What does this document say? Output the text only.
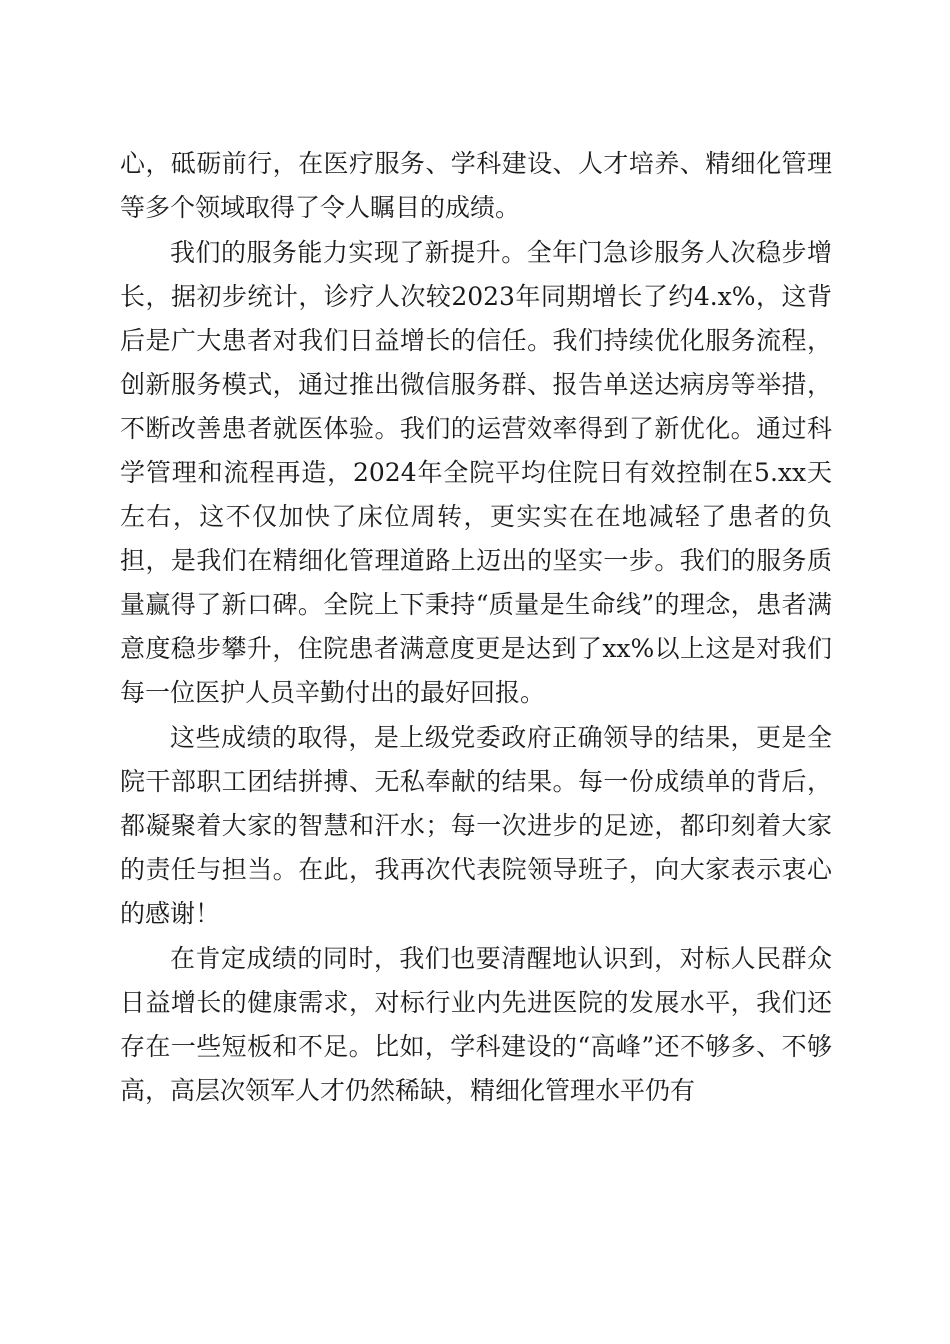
心，砥砺前行，在医疗服务、学科建设、人才培养、精细化管理等多个领域取得了令人瞩目的成绩。

我们的服务能力实现了新提升。全年门急诊服务人次稳步增长，据初步统计，诊疗人次较2023年同期增长了约4.x%，这背后是广大患者对我们日益增长的信任。我们持续优化服务流程，创新服务模式，通过推出微信服务群、报告单送达病房等举措，不断改善患者就医体验。我们的运营效率得到了新优化。通过科学管理和流程再造，2024年全院平均住院日有效控制在5.xx天左右，这不仅加快了床位周转，更实实在在地减轻了患者的负担，是我们在精细化管理道路上迈出的坚实一步。我们的服务质量赢得了新口碑。全院上下秉持“质量是生命线”的理念，患者满意度稳步攀升，住院患者满意度更是达到了xx%以上这是对我们每一位医护人员辛勤付出的最好回报。

这些成绩的取得，是上级党委政府正确领导的结果，更是全院干部职工团结拼搏、无私奉献的结果。每一份成绩单的背后，都凝聚着大家的智慧和汗水；每一次进步的足迹，都印刻着大家的责任与担当。在此，我再次代表院领导班子，向大家表示衷心的感谢！

在肯定成绩的同时，我们也要清醒地认识到，对标人民群众日益增长的健康需求，对标行业内先进医院的发展水平，我们还存在一些短板和不足。比如，学科建设的“高峰”还不够多、不够高，高层次领军人才仍然稀缺，精细化管理水平仍有
